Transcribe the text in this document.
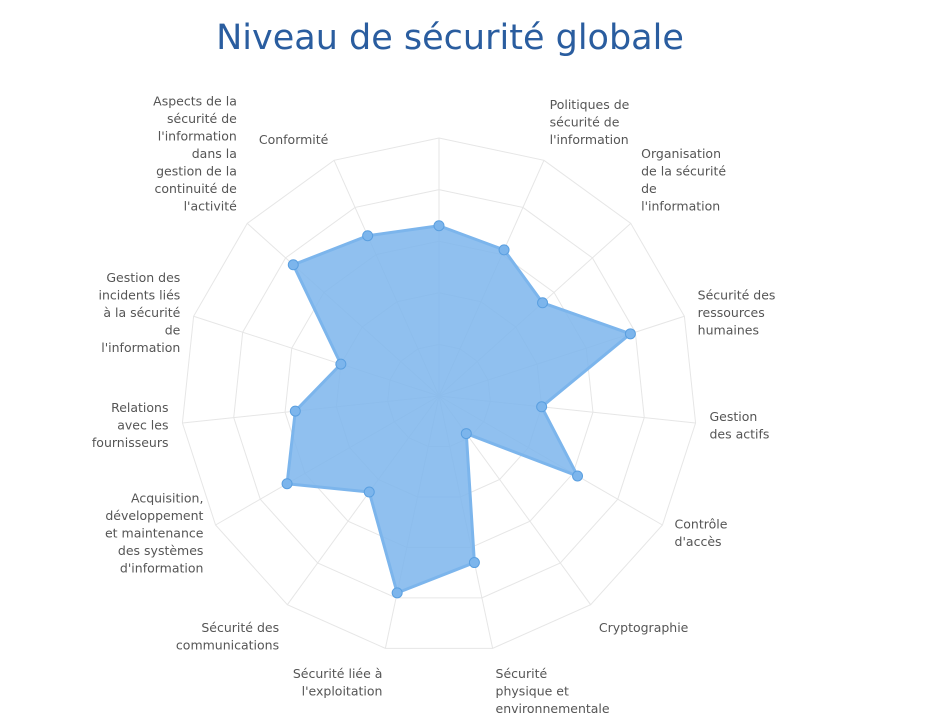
Niveau de sécurité globale
Politiques de sécurité de l'information
Organisation de la sécurité de l'information
Sécurité des ressources humaines
Gestion des actifs
Contrôle d'accès
Cryptographie
Sécurité physique et environnementale
Sécurité liée à l'exploitation
Sécurité des communications
Acquisition, développement et maintenance des systèmes d'information
Relations avec les fournisseurs
Gestion des incidents liés à la sécurité de l'information
Aspects de la sécurité de l'information dans la gestion de la continuité de l'activité
Conformité
